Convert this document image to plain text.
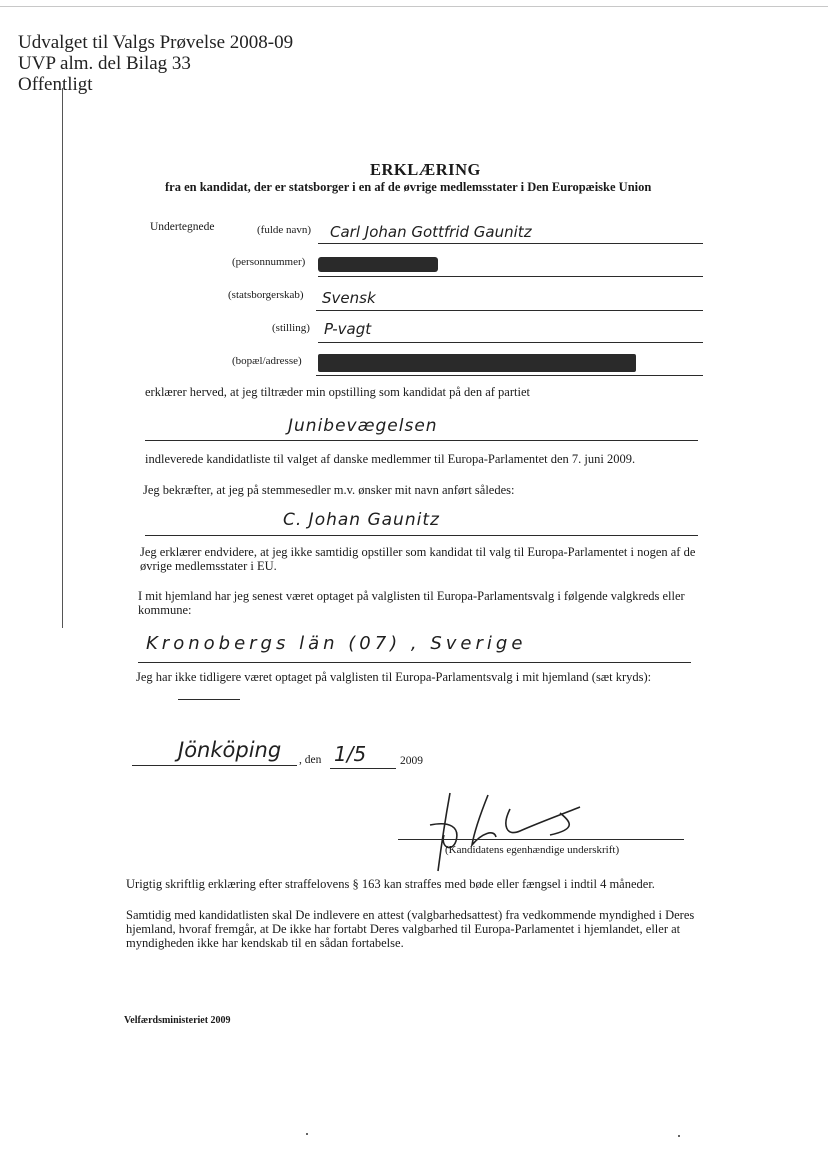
Udvalget til Valgs Prøvelse 2008-09
UVP alm. del Bilag 33
Offentligt
ERKLÆRING
fra en kandidat, der er statsborger i en af de øvrige medlemsstater i Den Europæiske Union
Undertegnede	(fulde navn) Carl Johan Gottfrid Gaunitz
(personnummer)
(statsborgerskab) Svensk
(stilling) P-vagt
(bopæl/adresse)
erklærer herved, at jeg tiltræder min opstilling som kandidat på den af partiet
Junibevægelsen
indleverede kandidatliste til valget af danske medlemmer til Europa-Parlamentet den 7. juni 2009.
Jeg bekræfter, at jeg på stemmesedler m.v. ønsker mit navn anført således:
C. Johan Gaunitz
Jeg erklærer endvidere, at jeg ikke samtidig opstiller som kandidat til valg til Europa-Parlamentet i nogen af de øvrige medlemsstater i EU.
I mit hjemland har jeg senest været optaget på valglisten til Europa-Parlamentsvalg i følgende valgkreds eller kommune:
Kronobergs län (07) , Sverige
Jeg har ikke tidligere været optaget på valglisten til Europa-Parlamentsvalg i mit hjemland (sæt kryds):
Jönköping , den 1/5	2009
(Kandidatens egenhændige underskrift)
Urigtig skriftlig erklæring efter straffelovens § 163 kan straffes med bøde eller fængsel i indtil 4 måneder.
Samtidig med kandidatlisten skal De indlevere en attest (valgbarhedsattest) fra vedkommende myndighed i Deres hjemland, hvoraf fremgår, at De ikke har fortabt Deres valgbarhed til Europa-Parlamentet i hjemlandet, eller at myndigheden ikke har kendskab til en sådan fortabelse.
Velfærdsministeriet 2009
